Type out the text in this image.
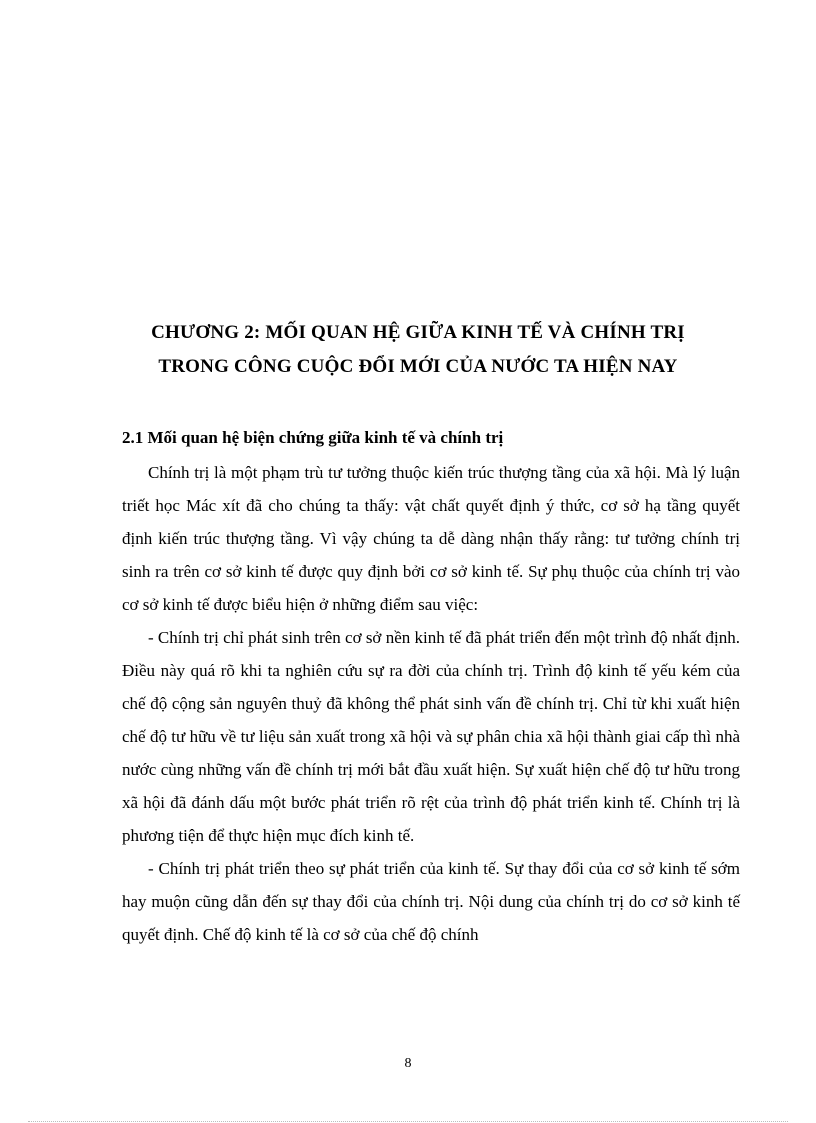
CHƯƠNG 2: MỐI QUAN HỆ GIỮA KINH TẾ VÀ CHÍNH TRỊ
TRONG CÔNG CUỘC ĐỔI MỚI CỦA NƯỚC TA HIỆN NAY
2.1 Mối quan hệ biện chứng giữa kinh tế và chính trị

Chính trị là một phạm trù tư tưởng thuộc kiến trúc thượng tầng của xã hội. Mà lý luận triết học Mác xít đã cho chúng ta thấy: vật chất quyết định ý thức, cơ sở hạ tầng quyết định kiến trúc thượng tầng. Vì vậy chúng ta dễ dàng nhận thấy rằng: tư tưởng chính trị sinh ra trên cơ sở kinh tế được quy định bởi cơ sở kinh tế. Sự phụ thuộc của chính trị vào cơ sở kinh tế được biểu hiện ở những điểm sau việc:

- Chính trị chỉ phát sinh trên cơ sở nền kinh tế đã phát triển đến một trình độ nhất định. Điều này quá rõ khi ta nghiên cứu sự ra đời của chính trị. Trình độ kinh tế yếu kém của chế độ cộng sản nguyên thuỷ đã không thể phát sinh vấn đề chính trị. Chỉ từ khi xuất hiện chế độ tư hữu về tư liệu sản xuất trong xã hội và sự phân chia xã hội thành giai cấp thì nhà nước cùng những vấn đề chính trị mới bắt đầu xuất hiện. Sự xuất hiện chế độ tư hữu trong xã hội đã đánh dấu một bước phát triển rõ rệt của trình độ phát triển kinh tế. Chính trị là phương tiện để thực hiện mục đích kinh tế.

- Chính trị phát triển theo sự phát triển của kinh tế. Sự thay đổi của cơ sở kinh tế sớm hay muộn cũng dẫn đến sự thay đổi của chính trị. Nội dung của chính trị do cơ sở kinh tế quyết định. Chế độ kinh tế là cơ sở của chế độ chính

8
